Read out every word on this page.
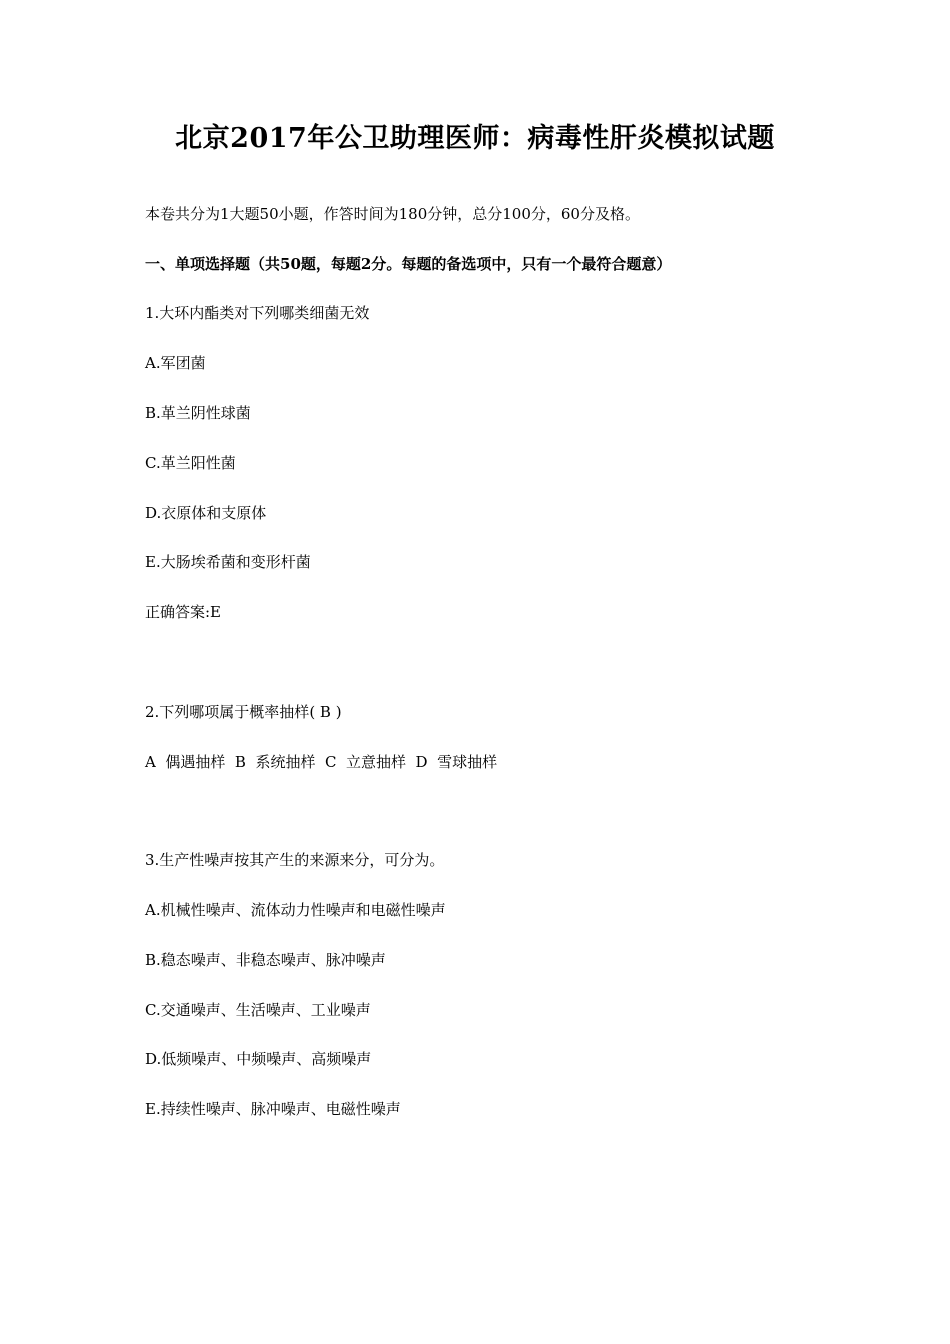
北京2017年公卫助理医师：病毒性肝炎模拟试题
本卷共分为1大题50小题，作答时间为180分钟，总分100分，60分及格。
一、单项选择题（共50题，每题2分。每题的备选项中，只有一个最符合题意）
1.大环内酯类对下列哪类细菌无效
A.军团菌
B.革兰阴性球菌
C.革兰阳性菌
D.衣原体和支原体
E.大肠埃希菌和变形杆菌
正确答案:E
2.下列哪项属于概率抽样( B )
A  偶遇抽样  B  系统抽样  C  立意抽样  D  雪球抽样
3.生产性噪声按其产生的来源来分，可分为。
A.机械性噪声、流体动力性噪声和电磁性噪声
B.稳态噪声、非稳态噪声、脉冲噪声
C.交通噪声、生活噪声、工业噪声
D.低频噪声、中频噪声、高频噪声
E.持续性噪声、脉冲噪声、电磁性噪声
